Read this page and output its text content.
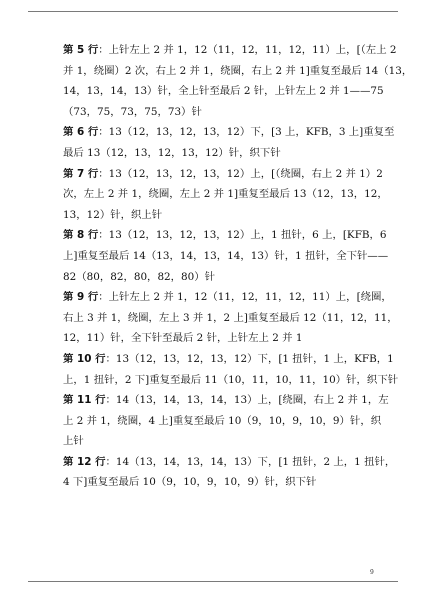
第 5 行：上针左上 2 并 1，12（11，12，11，12，11）上，[（左上 2
并 1，绕圈）2 次，右上 2 并 1，绕圈，右上 2 并 1]重复至最后 14（13，
14，13，14，13）针，全上针至最后 2 针，上针左上 2 并 1——75
（73，75，73，75，73）针
第 6 行：13（12，13，12，13，12）下，[3 上，KFB，3 上]重复至
最后 13（12，13，12，13，12）针，织下针
第 7 行：13（12，13，12，13，12）上，[（绕圈，右上 2 并 1）2
次，左上 2 并 1，绕圈，左上 2 并 1]重复至最后 13（12，13，12，
13，12）针，织上针
第 8 行：13（12，13，12，13，12）上，1 扭针，6 上，[KFB，6
上]重复至最后 14（13，14，13，14，13）针，1 扭针，全下针——
82（80，82，80，82，80）针
第 9 行：上针左上 2 并 1，12（11，12，11，12，11）上，[绕圈，
右上 3 并 1，绕圈，左上 3 并 1，2 上]重复至最后 12（11，12，11，
12，11）针，全下针至最后 2 针，上针左上 2 并 1
第 10 行：13（12，13，12，13，12）下，[1 扭针，1 上，KFB，1
上，1 扭针，2 下]重复至最后 11（10，11，10，11，10）针，织下针
第 11 行：14（13，14，13，14，13）上，[绕圈，右上 2 并 1，左
上 2 并 1，绕圈，4 上]重复至最后 10（9，10，9，10，9）针，织
上针
第 12 行：14（13，14，13，14，13）下，[1 扭针，2 上，1 扭针，
4 下]重复至最后 10（9，10，9，10，9）针，织下针
9
